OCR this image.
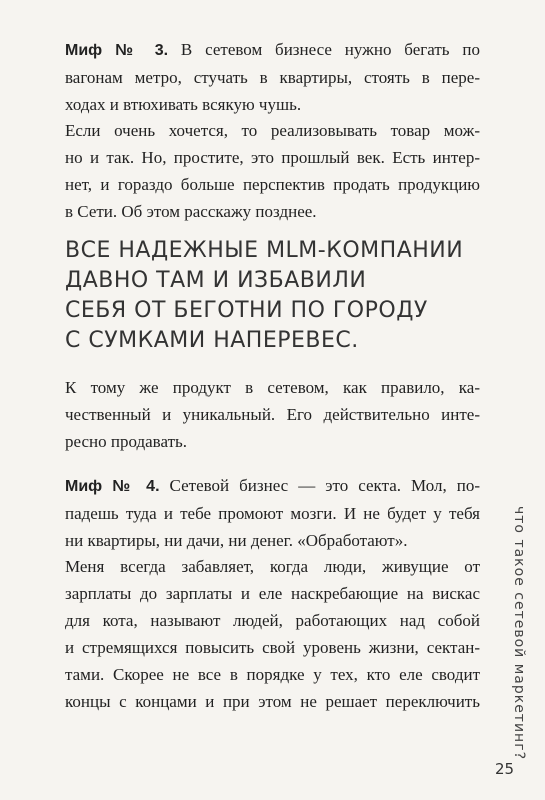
Миф № 3. В сетевом бизнесе нужно бегать по
вагонам метро, стучать в квартиры, стоять в пере-
ходах и втюхивать всякую чушь.

Если очень хочется, то реализовывать товар мож-
но и так. Но, простите, это прошлый век. Есть интер-
нет, и гораздо больше перспектив продать продукцию
в Сети. Об этом расскажу позднее.

ВСЕ НАДЕЖНЫЕ MLM-КОМПАНИИ
ДАВНО ТАМ И ИЗБАВИЛИ
СЕБЯ ОТ БЕГОТНИ ПО ГОРОДУ
С СУМКАМИ НАПЕРЕВЕС.

К тому же продукт в сетевом, как правило, ка-
чественный и уникальный. Его действительно инте-
ресно продавать.

Миф № 4. Сетевой бизнес — это секта. Мол, по-
падешь туда и тебе промоют мозги. И не будет у тебя
ни квартиры, ни дачи, ни денег. «Обработают».

Меня всегда забавляет, когда люди, живущие от
зарплаты до зарплаты и еле наскребающие на вискас
для кота, называют людей, работающих над собой
и стремящихся повысить свой уровень жизни, сектан-
тами. Скорее не все в порядке у тех, кто еле сводит
концы с концами и при этом не решает переключить что такое сетевой маркетинг?
25
